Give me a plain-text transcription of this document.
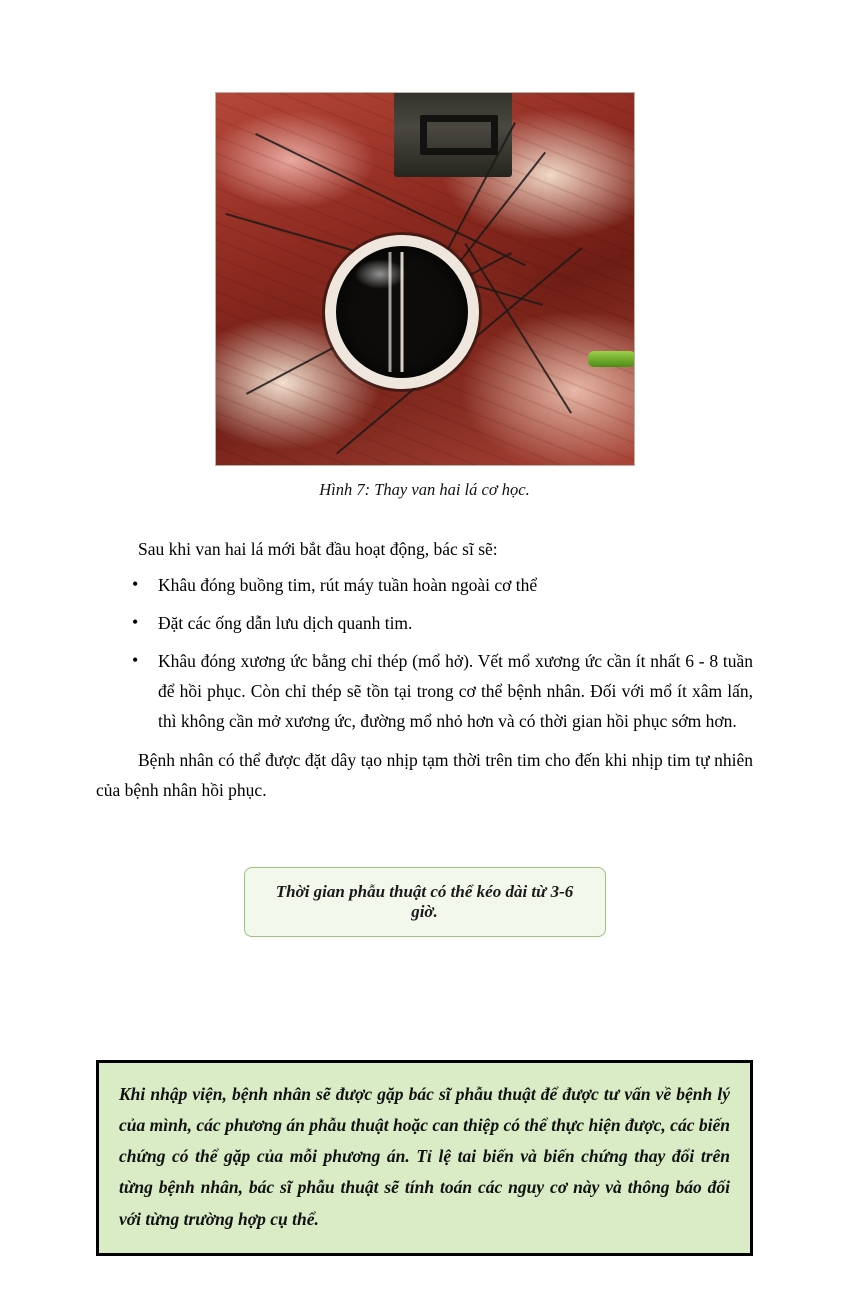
Hình 7: Thay van hai lá cơ học.
Sau khi van hai lá mới bắt đầu hoạt động, bác sĩ sẽ:
• Khâu đóng buồng tim, rút máy tuần hoàn ngoài cơ thể
• Đặt các ống dẫn lưu dịch quanh tim.
• Khâu đóng xương ức bằng chỉ thép (mổ hở). Vết mổ xương ức cần ít nhất 6 - 8 tuần để hồi phục. Còn chỉ thép sẽ tồn tại trong cơ thể bệnh nhân. Đối với mổ ít xâm lấn, thì không cần mở xương ức, đường mổ nhỏ hơn và có thời gian hồi phục sớm hơn.
Bệnh nhân có thể được đặt dây tạo nhịp tạm thời trên tim cho đến khi nhịp tim tự nhiên của bệnh nhân hồi phục.
Thời gian phẫu thuật có thể kéo dài từ 3-6 giờ.

Khi nhập viện, bệnh nhân sẽ được gặp bác sĩ phẫu thuật để được tư vấn về bệnh lý của mình, các phương án phẫu thuật hoặc can thiệp có thể thực hiện được, các biến chứng có thể gặp của mỗi phương án. Tỉ lệ tai biến và biến chứng thay đổi trên từng bệnh nhân, bác sĩ phẫu thuật sẽ tính toán các nguy cơ này và thông báo đối với từng trường hợp cụ thể.
